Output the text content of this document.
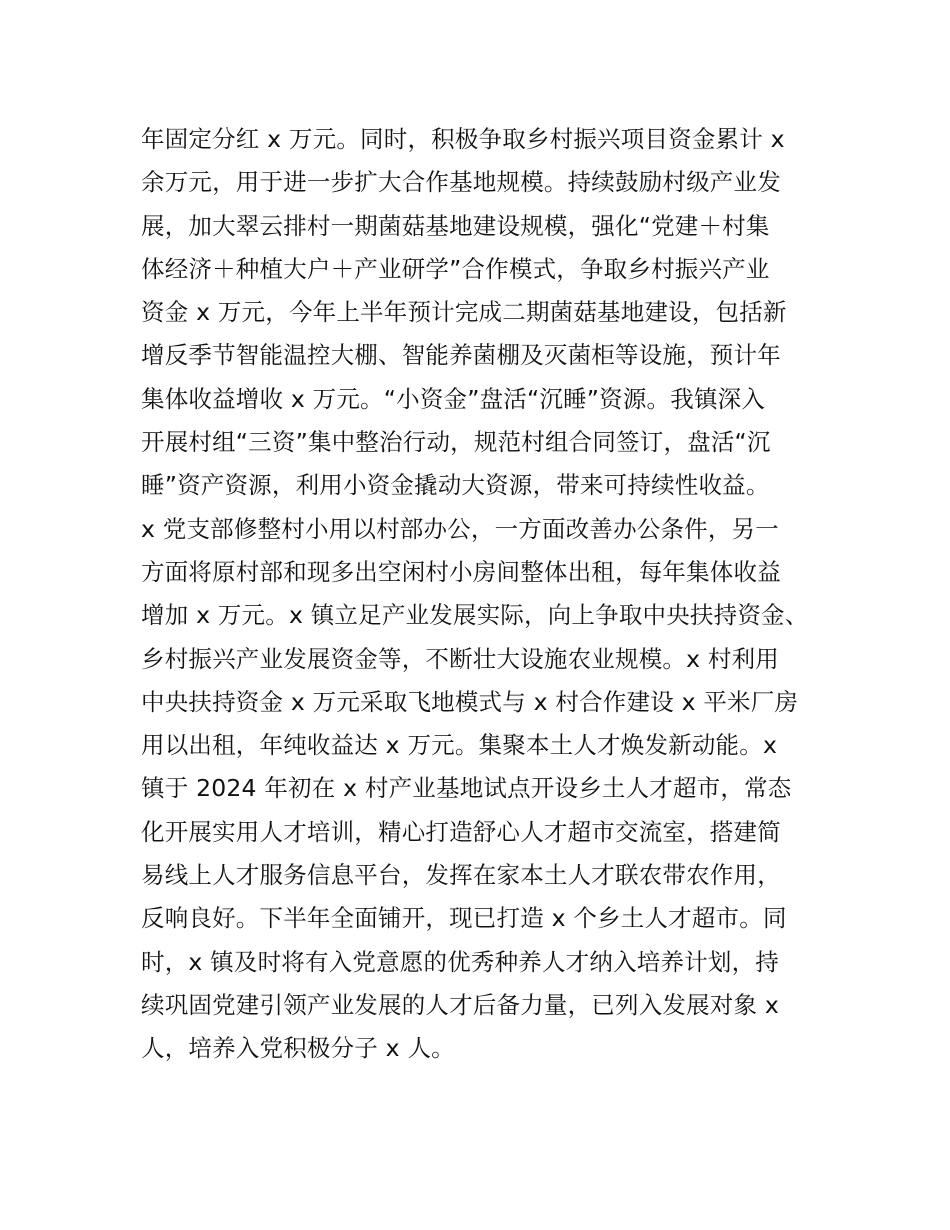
年固定分红 x 万元。同时，积极争取乡村振兴项目资金累计 x
余万元，用于进一步扩大合作基地规模。持续鼓励村级产业发
展，加大翠云排村一期菌菇基地建设规模，强化“党建＋村集
体经济＋种植大户＋产业研学”合作模式，争取乡村振兴产业
资金 x 万元，今年上半年预计完成二期菌菇基地建设，包括新
增反季节智能温控大棚、智能养菌棚及灭菌柜等设施，预计年
集体收益增收 x 万元。“小资金”盘活“沉睡”资源。我镇深入
开展村组“三资”集中整治行动，规范村组合同签订，盘活“沉
睡”资产资源，利用小资金撬动大资源，带来可持续性收益。
x 党支部修整村小用以村部办公，一方面改善办公条件，另一
方面将原村部和现多出空闲村小房间整体出租，每年集体收益
增加 x 万元。x 镇立足产业发展实际，向上争取中央扶持资金、
乡村振兴产业发展资金等，不断壮大设施农业规模。x 村利用
中央扶持资金 x 万元采取飞地模式与 x 村合作建设 x 平米厂房
用以出租，年纯收益达 x 万元。集聚本土人才焕发新动能。x
镇于 2024 年初在 x 村产业基地试点开设乡土人才超市，常态
化开展实用人才培训，精心打造舒心人才超市交流室，搭建简
易线上人才服务信息平台，发挥在家本土人才联农带农作用，
反响良好。下半年全面铺开，现已打造 x 个乡土人才超市。同
时，x 镇及时将有入党意愿的优秀种养人才纳入培养计划，持
续巩固党建引领产业发展的人才后备力量，已列入发展对象 x
人，培养入党积极分子 x 人。
